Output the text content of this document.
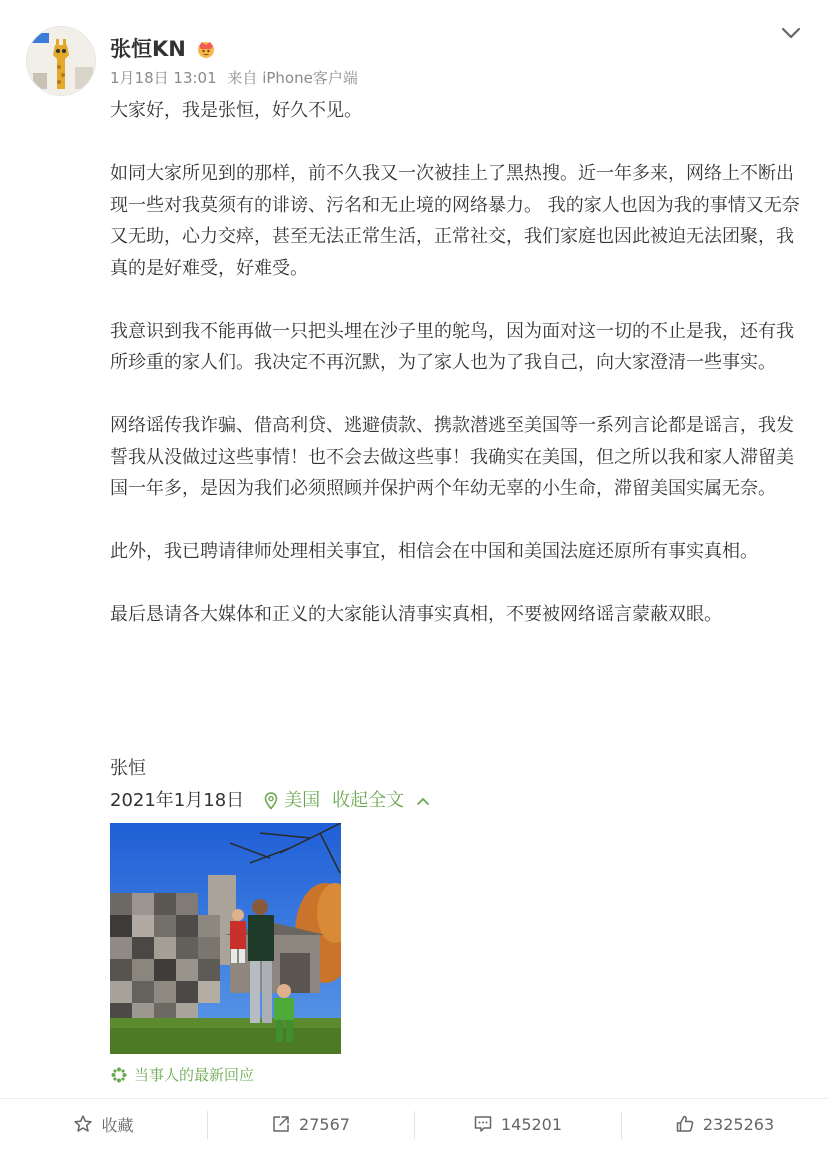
张恒KN
1月18日 13:01 来自 iPhone客户端

大家好，我是张恒，好久不见。

如同大家所见到的那样，前不久我又一次被挂上了黑热搜。近一年多来，网络上不断出现一些对我莫须有的诽谤、污名和无止境的网络暴力。 我的家人也因为我的事情又无奈又无助，心力交瘁，甚至无法正常生活，正常社交，我们家庭也因此被迫无法团聚，我真的是好难受，好难受。

我意识到我不能再做一只把头埋在沙子里的鸵鸟，因为面对这一切的不止是我，还有我所珍重的家人们。我决定不再沉默，为了家人也为了我自己，向大家澄清一些事实。

网络谣传我诈骗、借高利贷、逃避债款、携款潜逃至美国等一系列言论都是谣言，我发誓我从没做过这些事情！也不会去做这些事！我确实在美国，但之所以我和家人滞留美国一年多，是因为我们必须照顾并保护两个年幼无辜的小生命，滞留美国实属无奈。

此外，我已聘请律师处理相关事宜，相信会在中国和美国法庭还原所有事实真相。

最后恳请各大媒体和正义的大家能认清事实真相，不要被网络谣言蒙蔽双眼。

张恒
2021年1月18日 美国 收起全文
当事人的最新回应
收藏	27567	145201	2325263
